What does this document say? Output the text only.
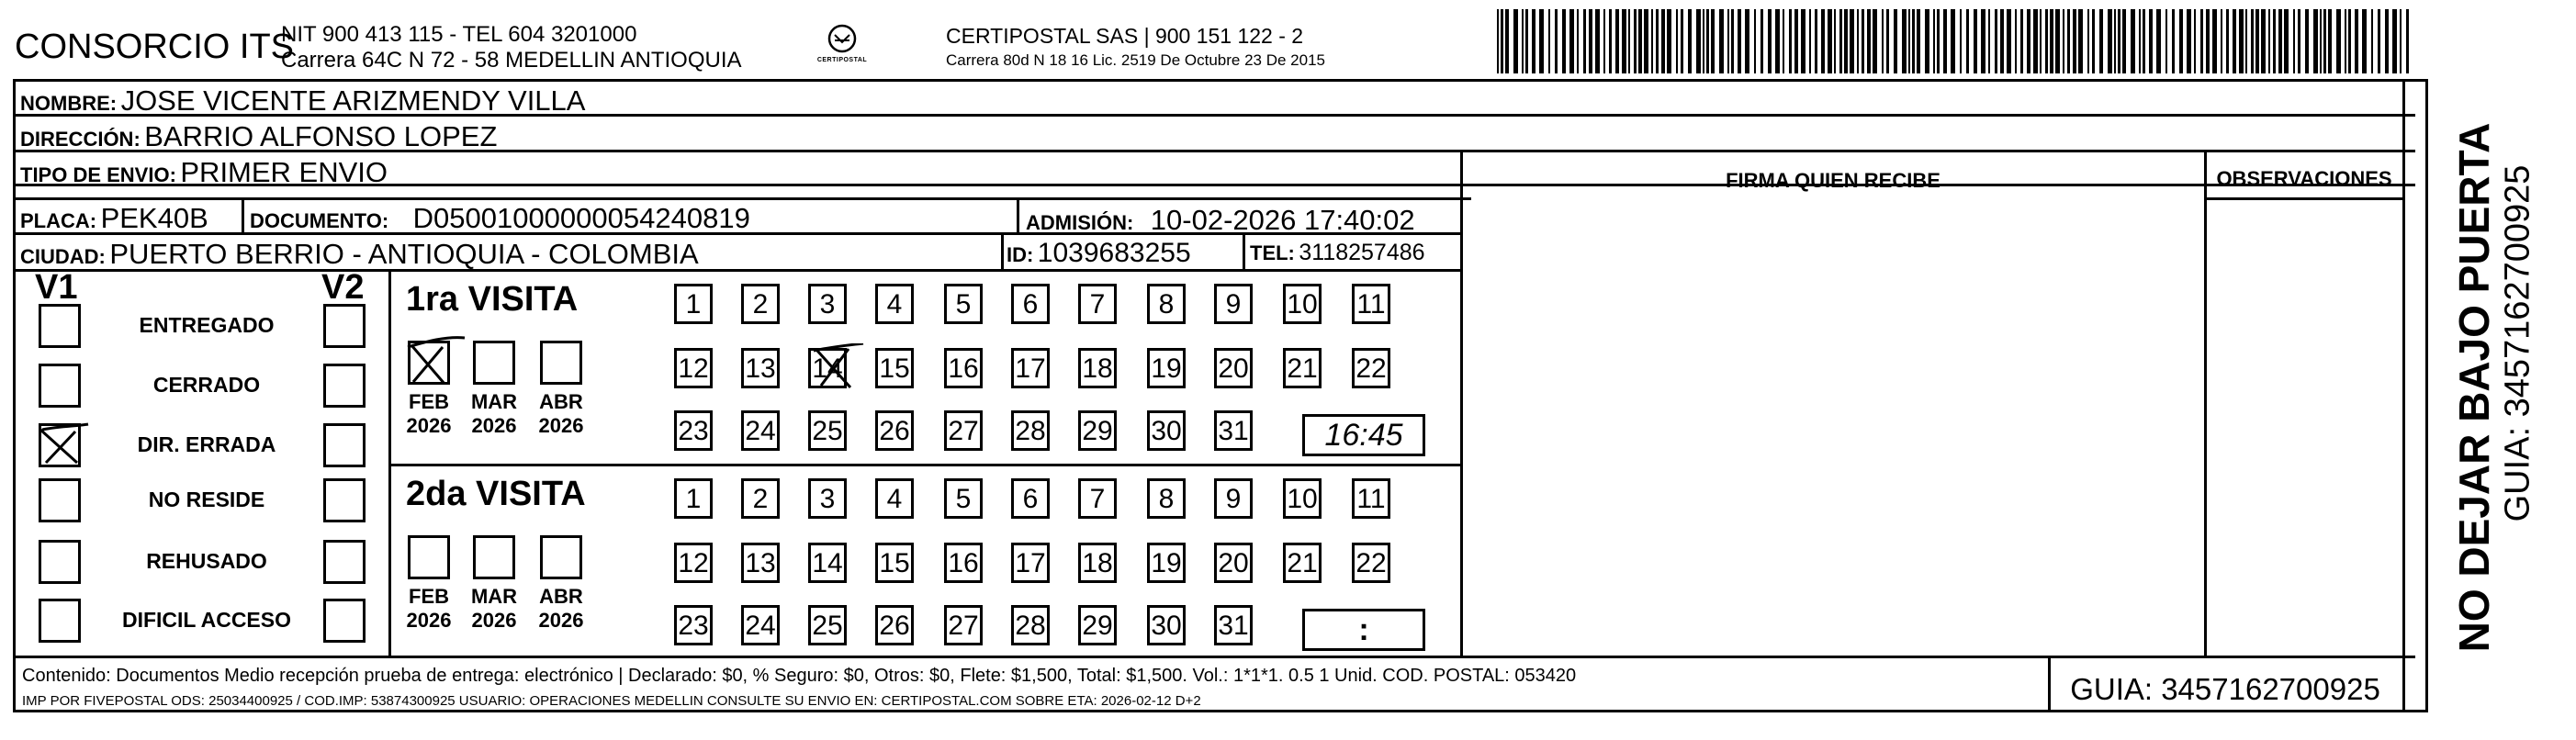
CONSORCIO ITS
NIT 900 413 115 - TEL 604 3201000
Carrera 64C N 72 - 58 MEDELLIN ANTIOQUIA	CERTIPOSTAL
CERTIPOSTAL SAS | 900 151 122 - 2
Carrera 80d N 18 16 Lic. 2519 De Octubre 23 De 2015
NOMBRE: JOSE VICENTE ARIZMENDY VILLA
DIRECCIÓN: BARRIO ALFONSO LOPEZ
TIPO DE ENVIO: PRIMER ENVIO	FIRMA QUIEN RECIBE	OBSERVACIONES
PLACA: PEK40B DOCUMENTO: D05001000000054240819	ADMISIÓN: 10-02-2026 17:40:02
CIUDAD: PUERTO BERRIO - ANTIOQUIA - COLOMBIA	ID: 1039683255	TEL: 3118257486
V1	V2
ENTREGADO
CERRADO
DIR. ERRADA
NO RESIDE
REHUSADO
DIFICIL ACCESO
1ra VISITA
FEB
2026
MAR
2026
ABR
2026
1	2	3	4	5	6	7	8	9	10 11
12 13 14 15 16 17 18 19 20 21 22
23 24 25 26 27 28 29 30 31	16:45
2da VISITA
FEB
2026
MAR
2026
ABR
2026
1	2	3	4	5	6	7	8	9	10 11
12 13 14 15 16 17 18 19 20 21 22
23 24 25 26 27 28 29 30 31	:
Contenido: Documentos Medio recepción prueba de entrega: electrónico | Declarado: $0, % Seguro: $0, Otros: $0, Flete: $1,500, Total: $1,500. Vol.: 1*1*1. 0.5 1 Unid. COD. POSTAL: 053420
IMP POR FIVEPOSTAL ODS: 25034400925 / COD.IMP: 53874300925 USUARIO: OPERACIONES MEDELLIN CONSULTE SU ENVIO EN: CERTIPOSTAL.COM SOBRE ETA: 2026-02-12 D+2	GUIA: 3457162700925
NO DEJAR BAJO PUERTA GUIA: 3457162700925
